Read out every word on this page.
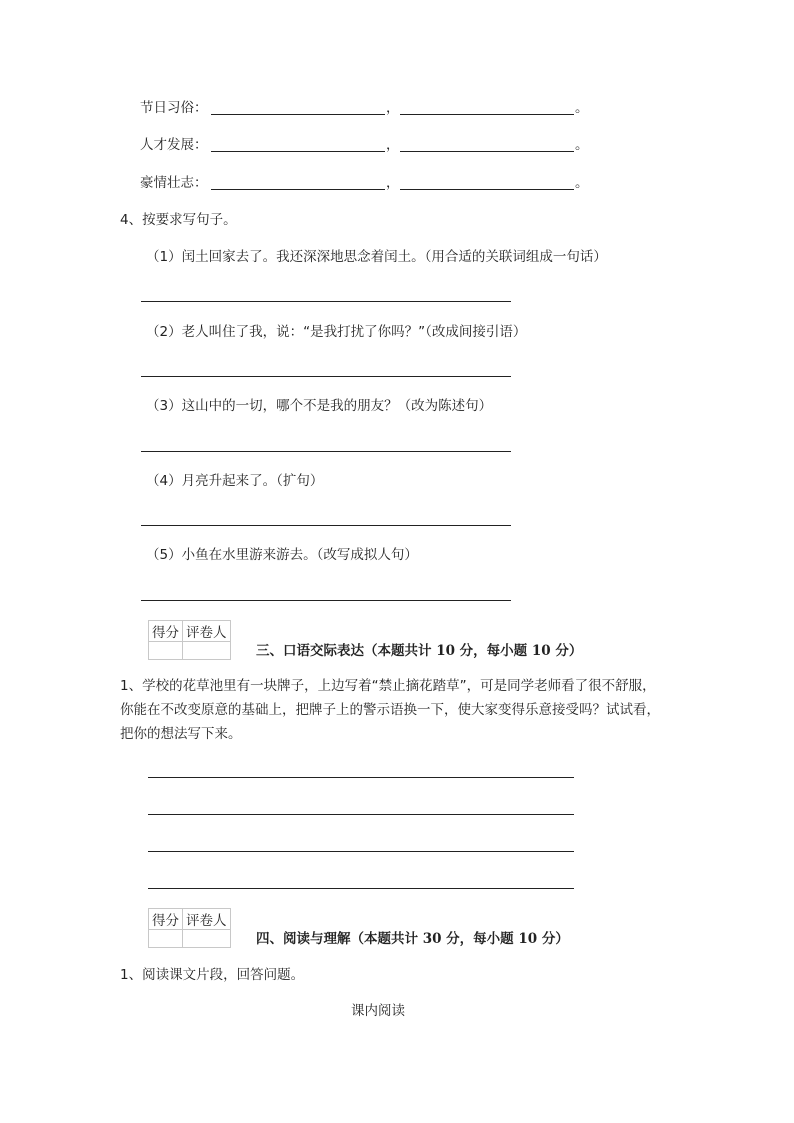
节日习俗：	，	。
人才发展：	，	。
豪情壮志：	，	。
4、按要求写句子。
（1）闰土回家去了。我还深深地思念着闰土。（用合适的关联词组成一句话）
（2）老人叫住了我，说：“是我打扰了你吗？”（改成间接引语）
（3）这山中的一切，哪个不是我的朋友？（改为陈述句）
（4）月亮升起来了。（扩句）
（5）小鱼在水里游来游去。（改写成拟人句）
得分	评卷人

三、口语交际表达（本题共计 10 分，每小题 10 分）
1、学校的花草池里有一块牌子，上边写着“禁止摘花踏草”，可是同学老师看了很不舒服，
你能在不改变原意的基础上，把牌子上的警示语换一下，使大家变得乐意接受吗？试试看，
把你的想法写下来。
得分	评卷人

四、阅读与理解（本题共计 30 分，每小题 10 分）
1、阅读课文片段，回答问题。
课内阅读
